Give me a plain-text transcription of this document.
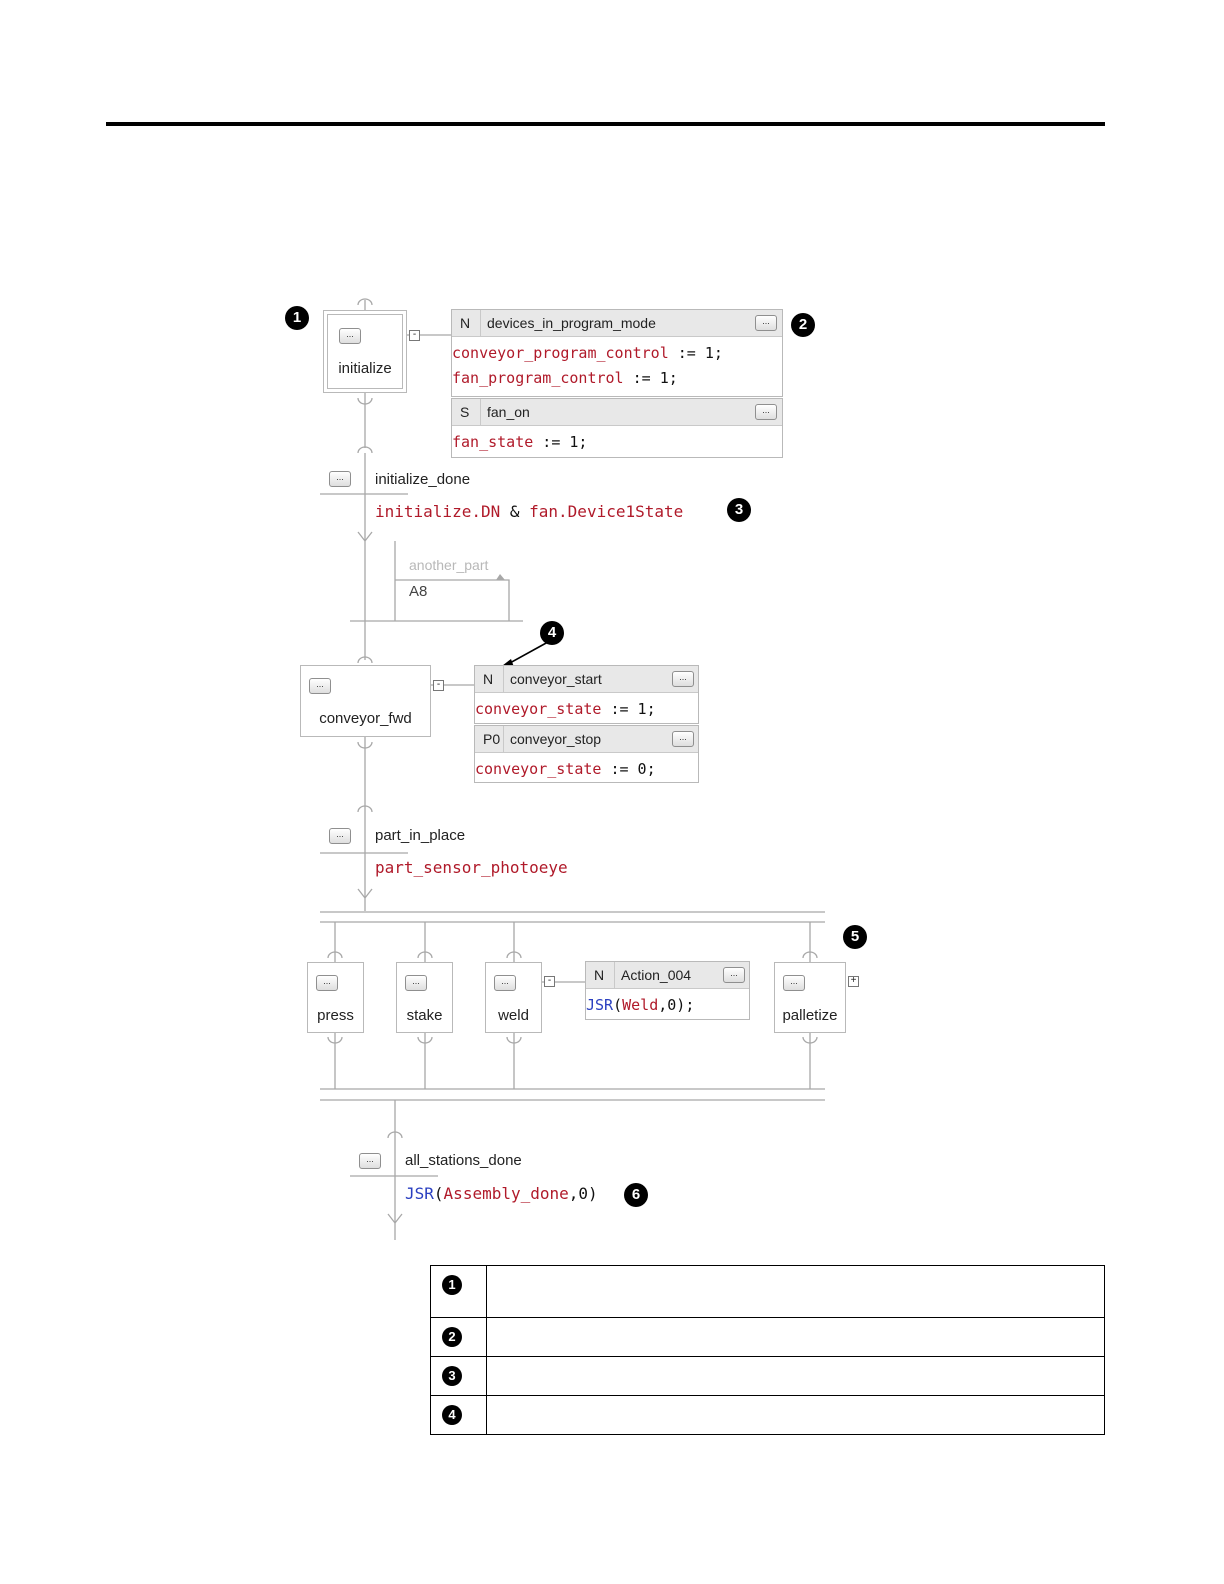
1	2
3
4
5
6
...
initialize
-
N devices_in_program_mode	...
conveyor_program_control := 1;
fan_program_control := 1;
S fan_on	...
fan_state := 1;
...	initialize_done
initialize.DN & fan.Device1State
another_part
A8
...
conveyor_fwd
-	N conveyor_start	...
conveyor_state := 1;
P0 conveyor_stop	...
conveyor_state := 0;
...	part_in_place
part_sensor_photoeye
...
press
...
stake
...
weld
-	N Action_004	...
JSR(Weld,0);
...
palletize
+
...	all_stations_done
JSR(Assembly_done,0)
1	

2	

3	

4	
